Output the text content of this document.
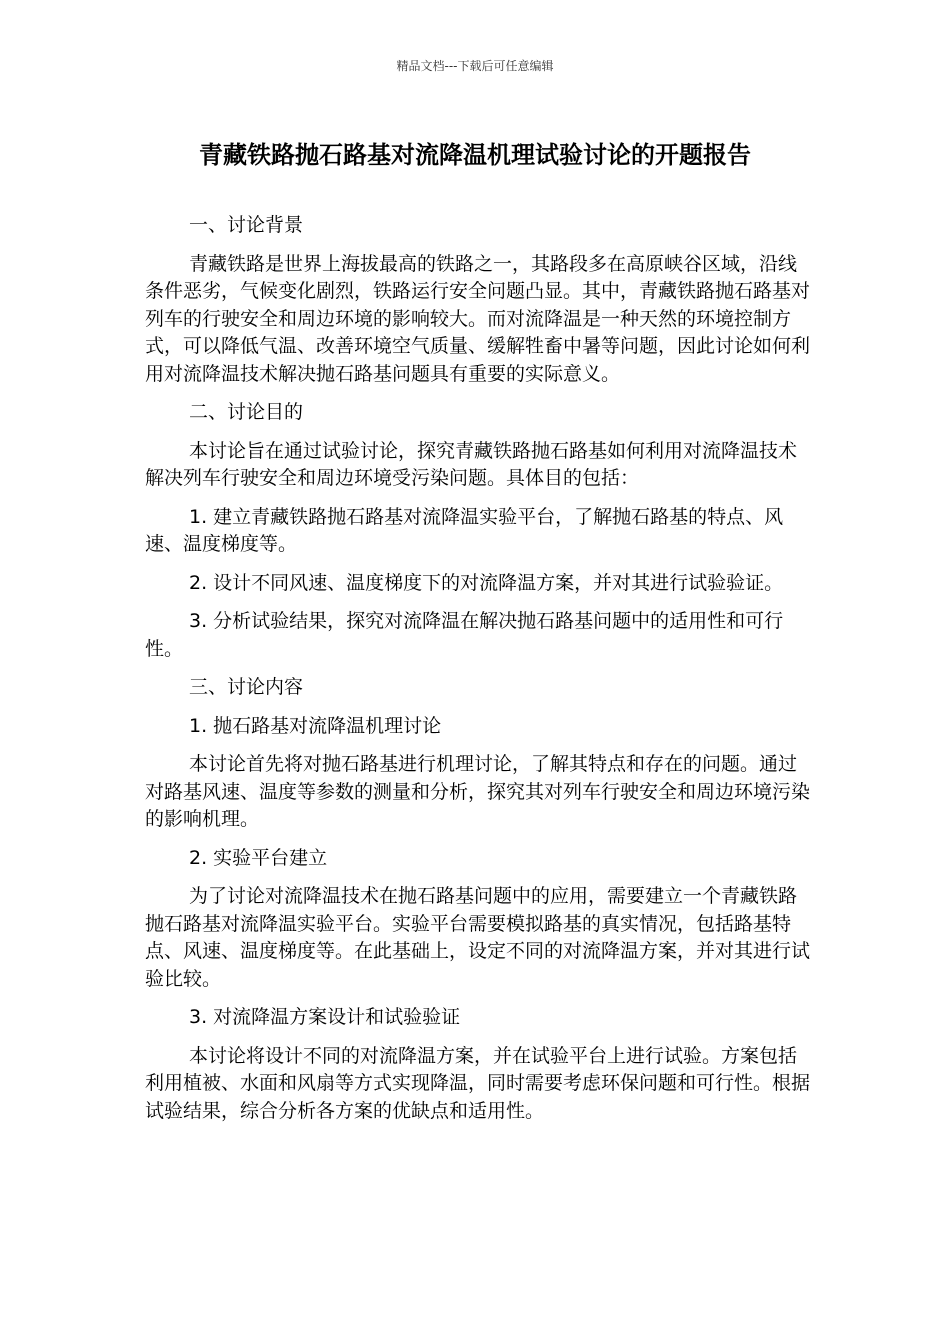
精品文档---下载后可任意编辑
青藏铁路抛石路基对流降温机理试验讨论的开题报告

一、讨论背景

青藏铁路是世界上海拔最高的铁路之一，其路段多在高原峡谷区域，沿线条件恶劣，气候变化剧烈，铁路运行安全问题凸显。其中，青藏铁路抛石路基对列车的行驶安全和周边环境的影响较大。而对流降温是一种天然的环境控制方式，可以降低气温、改善环境空气质量、缓解牲畜中暑等问题，因此讨论如何利用对流降温技术解决抛石路基问题具有重要的实际意义。

二、讨论目的

本讨论旨在通过试验讨论，探究青藏铁路抛石路基如何利用对流降温技术解决列车行驶安全和周边环境受污染问题。具体目的包括：

1. 建立青藏铁路抛石路基对流降温实验平台，了解抛石路基的特点、风速、温度梯度等。

2. 设计不同风速、温度梯度下的对流降温方案，并对其进行试验验证。

3. 分析试验结果，探究对流降温在解决抛石路基问题中的适用性和可行性。

三、讨论内容

1. 抛石路基对流降温机理讨论

本讨论首先将对抛石路基进行机理讨论，了解其特点和存在的问题。通过对路基风速、温度等参数的测量和分析，探究其对列车行驶安全和周边环境污染的影响机理。

2. 实验平台建立

为了讨论对流降温技术在抛石路基问题中的应用，需要建立一个青藏铁路抛石路基对流降温实验平台。实验平台需要模拟路基的真实情况，包括路基特点、风速、温度梯度等。在此基础上，设定不同的对流降温方案，并对其进行试验比较。

3. 对流降温方案设计和试验验证

本讨论将设计不同的对流降温方案，并在试验平台上进行试验。方案包括利用植被、水面和风扇等方式实现降温，同时需要考虑环保问题和可行性。根据试验结果，综合分析各方案的优缺点和适用性。
